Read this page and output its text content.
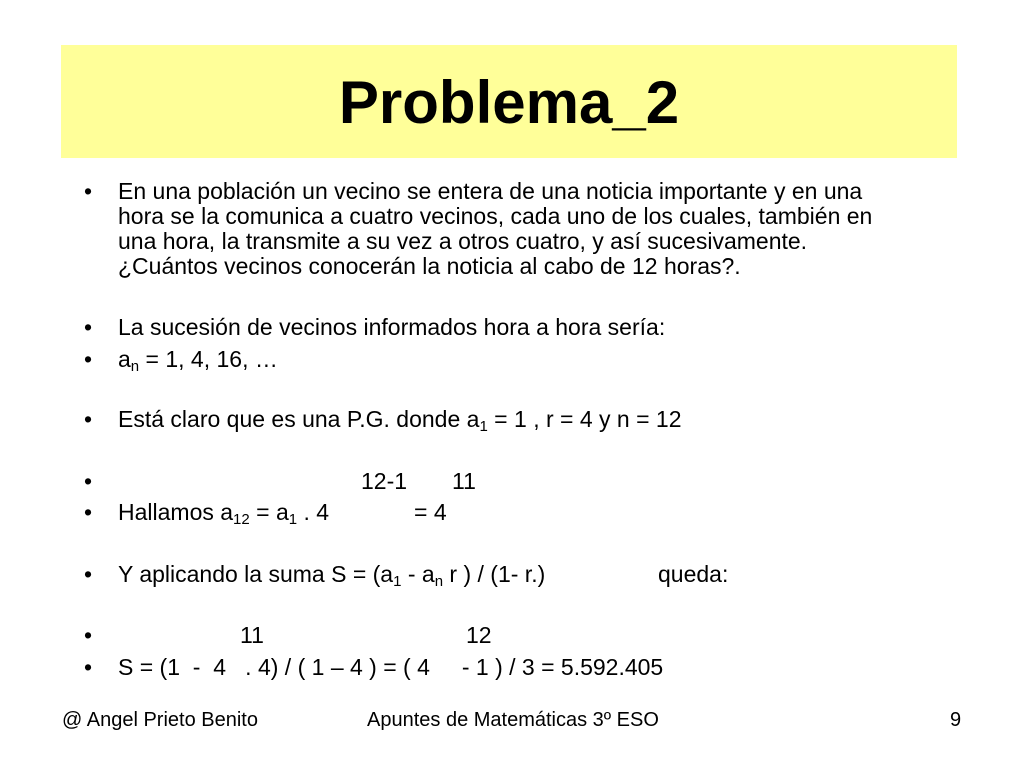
Problema_2
• En una población un vecino se entera de una noticia importante y en una
hora se la comunica a cuatro vecinos, cada uno de los cuales, también en
una hora, la transmite a su vez a otros cuatro, y así sucesivamente.
¿Cuántos vecinos conocerán la noticia al cabo de 12 horas?.
• La sucesión de vecinos informados hora a hora sería:
• $a_n = 1$, 4, 16, …
• Está claro que es una P.G. donde $a_1 = 1$ , r = 4 y n = 12
•	12-1 11
• Hallamos $a_{12} = a_1$ . 4	= 4
• Y aplicando la suma $S = (a_1 - a_n$ r ) / (1- r.)	queda:
•	11	12
• S = (1  -  4   . 4) / ( 1 – 4 ) = ( 4     - 1 ) / 3 = 5.592.405
@ Angel Prieto Benito	Apuntes de Matemáticas 3º ESO	9
